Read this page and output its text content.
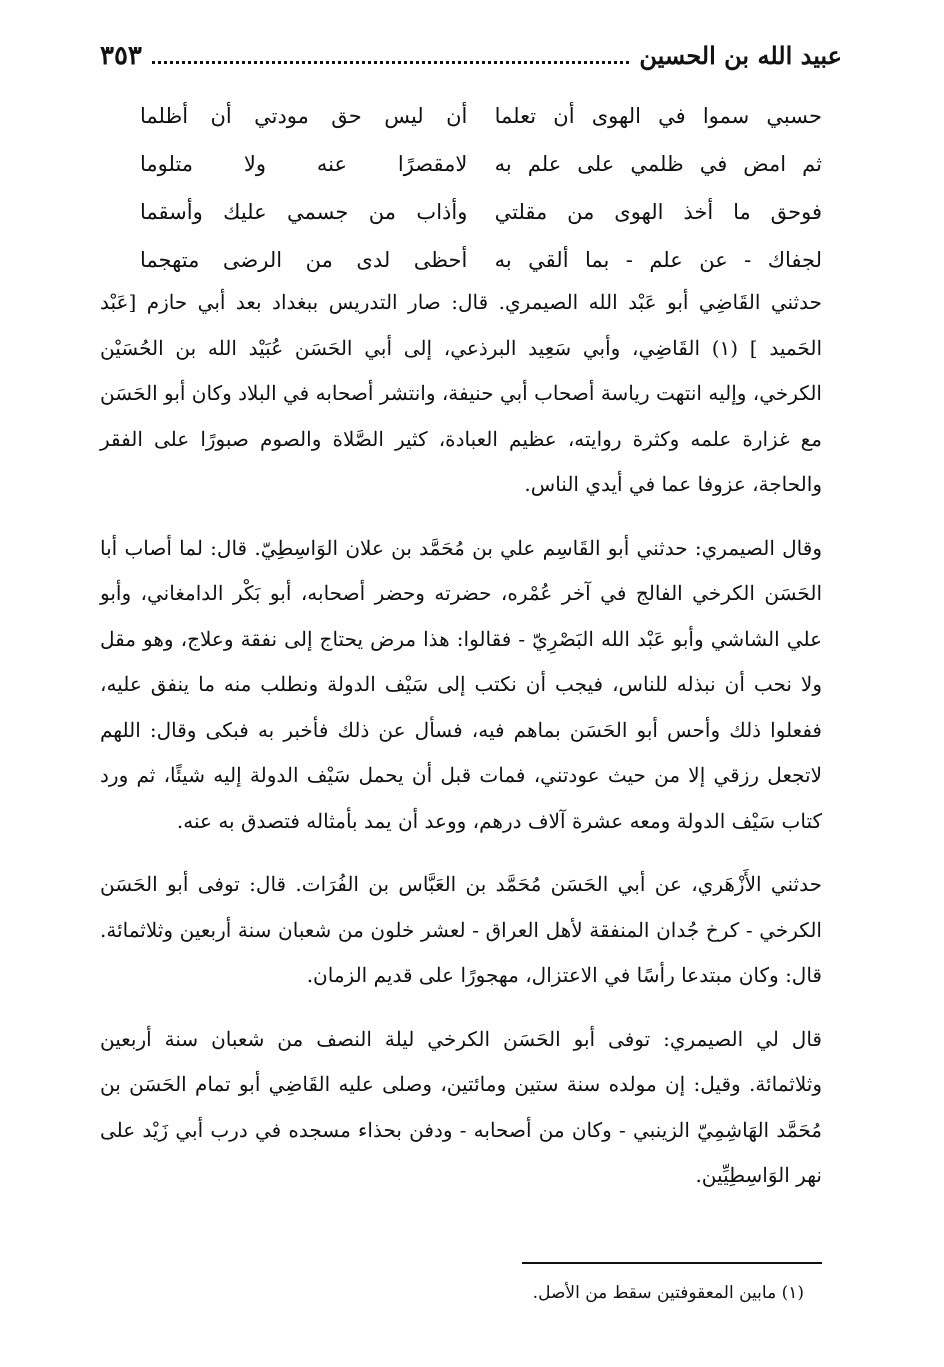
عبيد الله بن الحسين
٣٥٣
حسبي سموا في الهوى أن تعلما
أن ليس حق مودتي أن أظلما
ثم امض في ظلمي على علم به
لامقصرًا عنه ولا متلوما
فوحق ما أخذ الهوى من مقلتي
وأذاب من جسمي عليك وأسقما
لجفاك - عن علم - بما ألقي به
أحظى لدى من الرضى متهجما

حدثني القَاضِي أبو عَبْد الله الصيمري. قال: صار التدريس ببغداد بعد أبي حازم [عَبْد الحَميد ] (١) القَاضِي، وأبي سَعِيد البرذعي، إلى أبي الحَسَن عُبَيْد الله بن الحُسَيْن الكرخي، وإليه انتهت رياسة أصحاب أبي حنيفة، وانتشر أصحابه في البلاد وكان أبو الحَسَن مع غزارة علمه وكثرة روايته، عظيم العبادة، كثير الصَّلاة والصوم صبورًا على الفقر والحاجة، عزوفا عما في أيدي الناس.

وقال الصيمري: حدثني أبو القَاسِم علي بن مُحَمَّد بن علان الوَاسِطِيّ. قال: لما أصاب أبا الحَسَن الكرخي الفالج في آخر عُمْره، حضرته وحضر أصحابه، أبو بَكْر الدامغاني، وأبو علي الشاشي وأبو عَبْد الله البَصْرِيّ - فقالوا: هذا مرض يحتاج إلى نفقة وعلاج، وهو مقل ولا نحب أن نبذله للناس، فيجب أن نكتب إلى سَيْف الدولة ونطلب منه ما ينفق عليه، ففعلوا ذلك وأحس أبو الحَسَن بماهم فيه، فسأل عن ذلك فأخبر به فبكى وقال: اللهم لاتجعل رزقي إلا من حيث عودتني، فمات قبل أن يحمل سَيْف الدولة إليه شيئًا، ثم ورد كتاب سَيْف الدولة ومعه عشرة آلاف درهم، ووعد أن يمد بأمثاله فتصدق به عنه.

حدثني الأَزْهَري، عن أبي الحَسَن مُحَمَّد بن العَبَّاس بن الفُرَات. قال: توفى أبو الحَسَن الكرخي - كرخ جُدان المنفقة لأهل العراق - لعشر خلون من شعبان سنة أربعين وثلاثمائة. قال: وكان مبتدعا رأسًا في الاعتزال، مهجورًا على قديم الزمان.

قال لي الصيمري: توفى أبو الحَسَن الكرخي ليلة النصف من شعبان سنة أربعين وثلاثمائة. وقيل: إن مولده سنة ستين ومائتين، وصلى عليه القَاضِي أبو تمام الحَسَن بن مُحَمَّد الهَاشِمِيّ الزينبي - وكان من أصحابه - ودفن بحذاء مسجده في درب أبي زَيْد على نهر الوَاسِطِيِّين.

(١) مابين المعقوفتين سقط من الأصل.
